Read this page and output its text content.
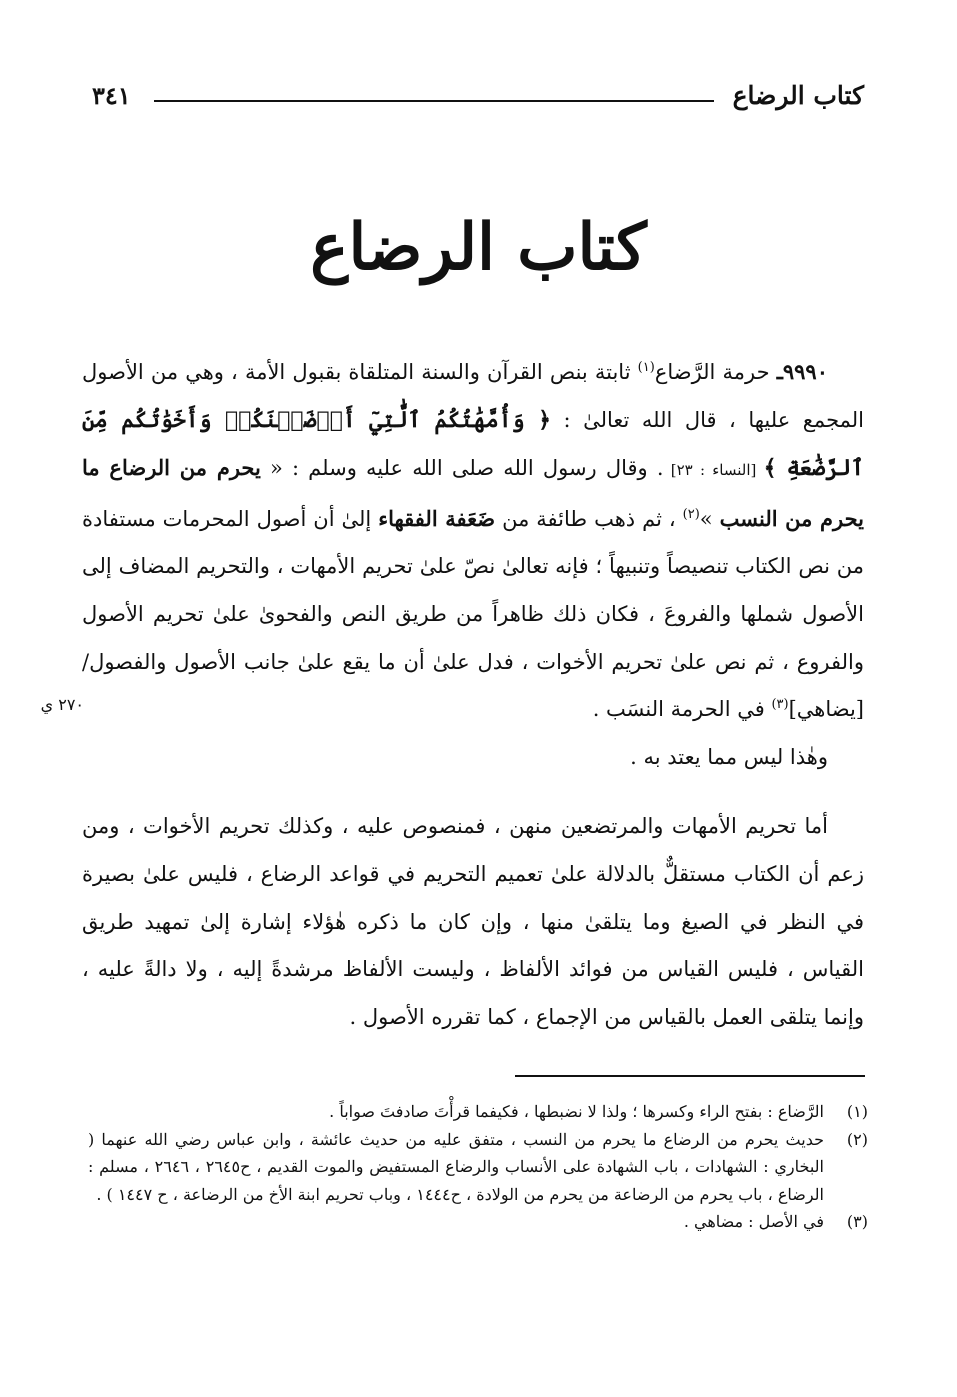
كتاب الرضاع
٣٤١
كتاب الرضاع

٩٩٩٠ـ حرمة الرَّضاع$^{(١)}$ ثابتة بنص القرآن والسنة المتلقاة بقبول الأمة ، وهي من الأصول المجمع عليها ، قال الله تعالىٰ : ﴿ وَأُمَّهَٰتُكُمُ ٱلَّٰتِيٓ أَرۡضَعۡنَكُمۡ وَأَخَوَٰتُكُم مِّنَ ٱلرَّضَٰعَةِ ﴾ [النساء : ٢٣] . وقال رسول الله صلى الله عليه وسلم : « يحرم من الرضاع ما يحرم من النسب »$^{(٢)}$ ، ثم ذهب طائفة من ضَعَفة الفقهاء إلىٰ أن أصول المحرمات مستفادة من نص الكتاب تنصيصاً وتنبيهاً ؛ فإنه تعالىٰ نصّ علىٰ تحريم الأمهات ، والتحريم المضاف إلى الأصول شملها والفروعَ ، فكان ذلك ظاهراً من طريق النص والفحوىٰ علىٰ تحريم الأصول والفروع ، ثم نص علىٰ تحريم الأخوات ، فدل علىٰ أن ما يقع علىٰ جانب الأصول والفصول/ [يضاهي]$^{(٣)}$ في الحرمة النسَب .

وهٰذا ليس مما يعتد به .

أما تحريم الأمهات والمرتضعين منهن ، فمنصوص عليه ، وكذلك تحريم الأخوات ، ومن زعم أن الكتاب مستقلٌّ بالدلالة علىٰ تعميم التحريم في قواعد الرضاع ، فليس علىٰ بصيرة في النظر في الصيغ وما يتلقىٰ منها ، وإن كان ما ذكره هٰؤلاء إشارة إلىٰ تمهيد طريق القياس ، فليس القياس من فوائد الألفاظ ، وليست الألفاظ مرشدةً إليه ، ولا دالةً عليه ، وإنما يتلقى العمل بالقياس من الإجماع ، كما تقرره الأصول .

٢٧٠ ي
(١)
الرَّضاع : بفتح الراء وكسرها ؛ ولذا لا نضبطها ، فكيفما قرأْتَ صادفتَ صواباً .
(٢)
حديث يحرم من الرضاع ما يحرم من النسب ، متفق عليه من حديث عائشة ، وابن عباس رضي الله عنهما ( البخاري : الشهادات ، باب الشهادة على الأنساب والرضاع المستفيض والموت القديم ، ح٢٦٤٥ ، ٢٦٤٦ ، مسلم : الرضاع ، باب يحرم من الرضاعة من يحرم من الولادة ، ح١٤٤٤ ، وباب تحريم ابنة الأخ من الرضاعة ، ح ١٤٤٧ ) .
(٣)
في الأصل : مضاهي .
